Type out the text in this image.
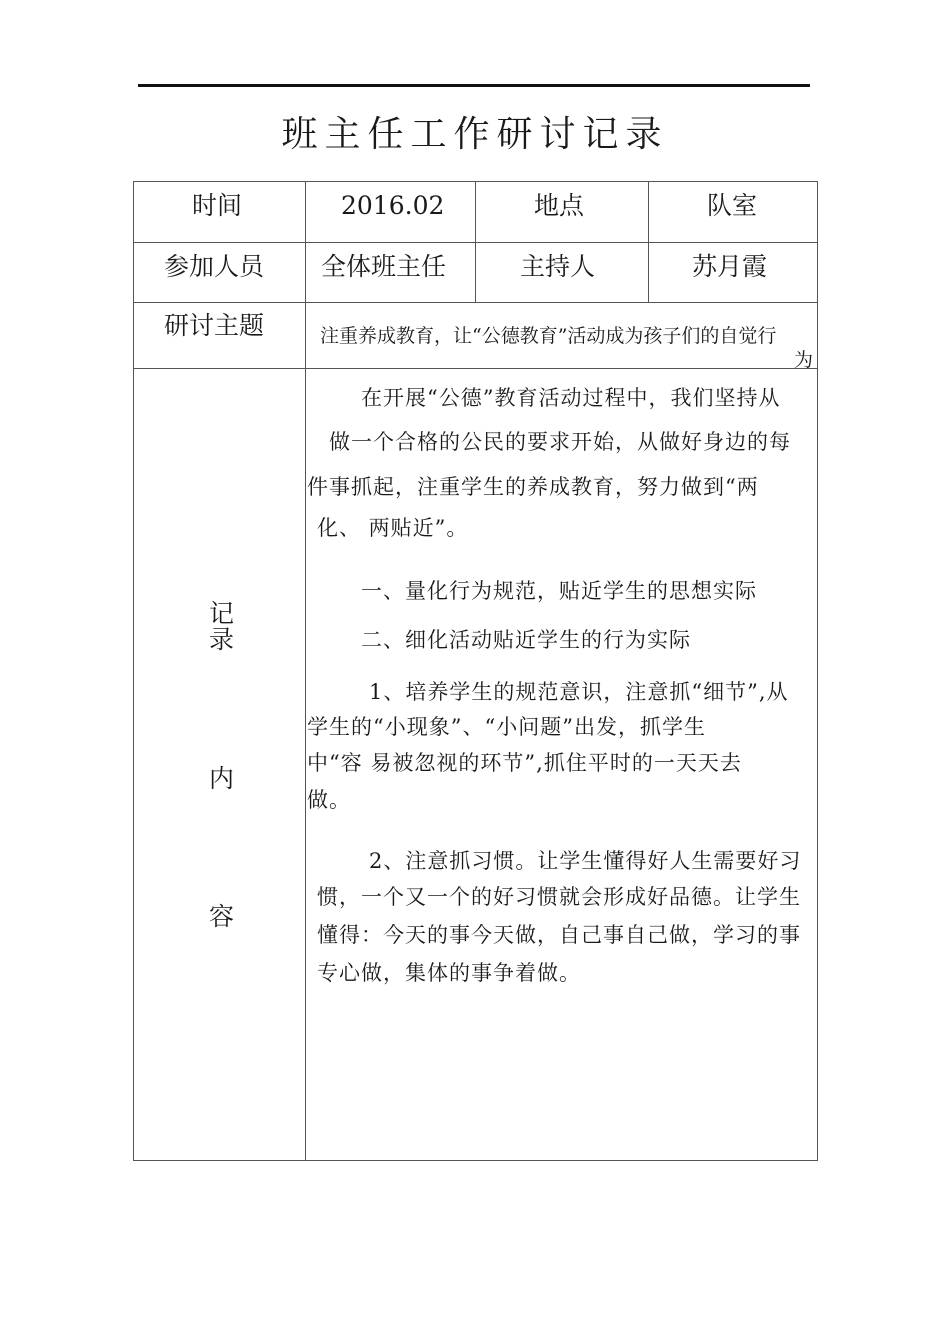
班主任工作研讨记录
时间	2016.02	地点	队室
参加人员 全体班主任	主持人	苏月霞
研讨主题	注重养成教育，让“公德教育”活动成为孩子们的自觉行
为
记
录
内
容
在开展“公德”教育活动过程中，我们坚持从
做一个合格的公民的要求开始，从做好身边的每
件事抓起，注重学生的养成教育，努力做到“两
化、 两贴近”。
一、量化行为规范，贴近学生的思想实际
二、细化活动贴近学生的行为实际
1、培养学生的规范意识，注意抓“细节”,从
学生的“小现象”、“小问题”出发，抓学生
中“容 易被忽视的环节”,抓住平时的一天天去
做。
2、注意抓习惯。让学生懂得好人生需要好习
惯，一个又一个的好习惯就会形成好品德。让学生
懂得：今天的事今天做，自己事自己做，学习的事
专心做，集体的事争着做。
